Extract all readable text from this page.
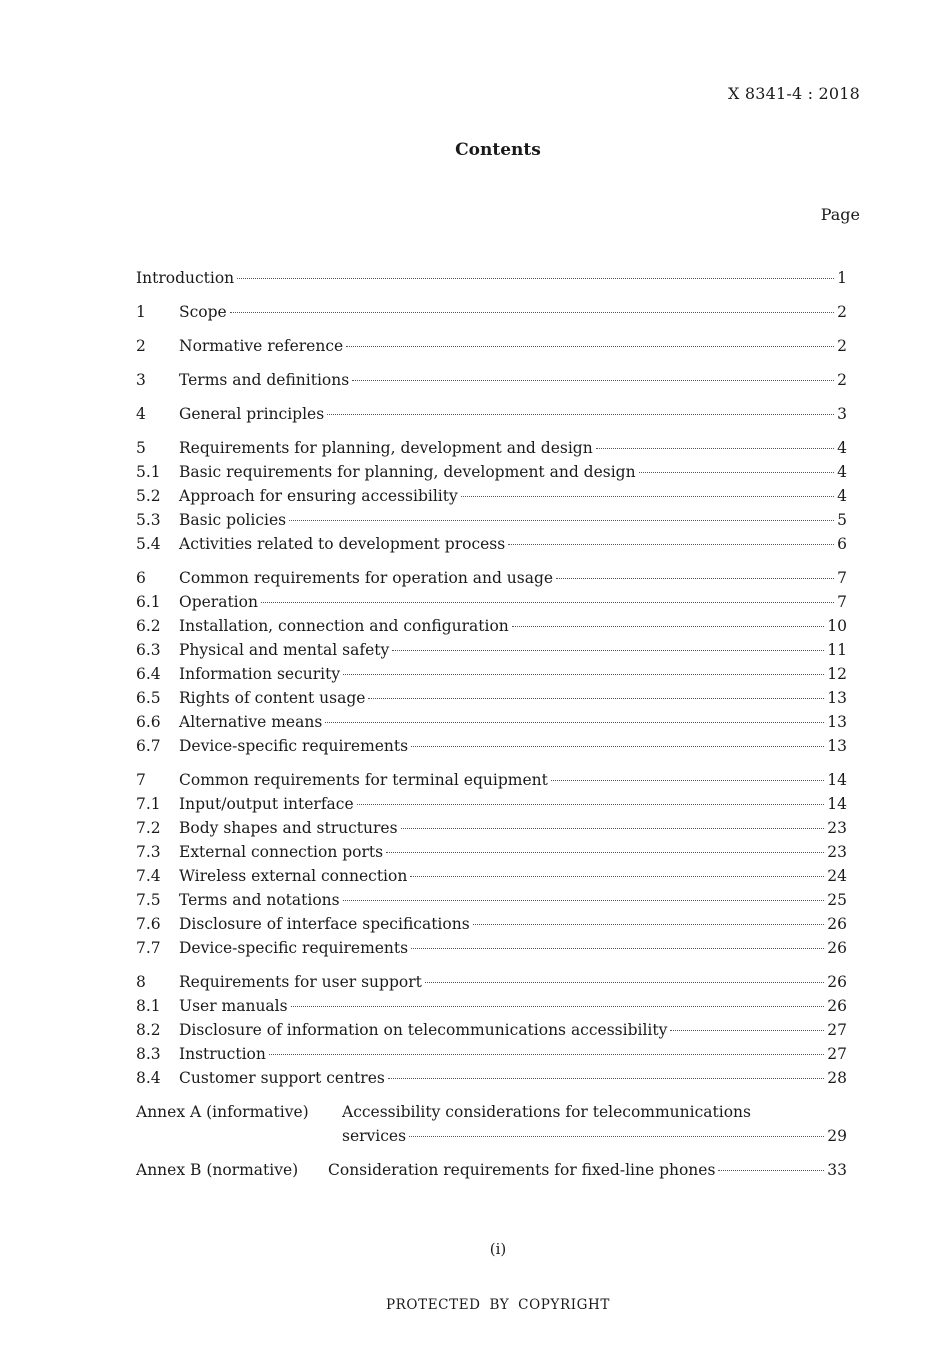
X 8341-4 : 2018
Contents
Page
Introduction	1
1	Scope	2
2	Normative reference	2
3	Terms and definitions	2
4	General principles	3
5	Requirements for planning, development and design	4
5.1	Basic requirements for planning, development and design	4
5.2	Approach for ensuring accessibility	4
5.3	Basic policies	5
5.4	Activities related to development process	6
6	Common requirements for operation and usage	7
6.1	Operation	7
6.2	Installation, connection and configuration	10
6.3	Physical and mental safety	11
6.4	Information security	12
6.5	Rights of content usage	13
6.6	Alternative means	13
6.7	Device-specific requirements	13
7	Common requirements for terminal equipment	14
7.1	Input/output interface	14
7.2	Body shapes and structures	23
7.3	External connection ports	23
7.4	Wireless external connection	24
7.5	Terms and notations	25
7.6	Disclosure of interface specifications	26
7.7	Device-specific requirements	26
8	Requirements for user support	26
8.1	User manuals	26
8.2	Disclosure of information on telecommunications accessibility	27
8.3	Instruction	27
8.4	Customer support centres	28
Annex A (informative) Accessibility considerations for telecommunications
services	29
Annex B (normative)	Consideration requirements for fixed-line phones	33
(i)
PROTECTED BY COPYRIGHT
